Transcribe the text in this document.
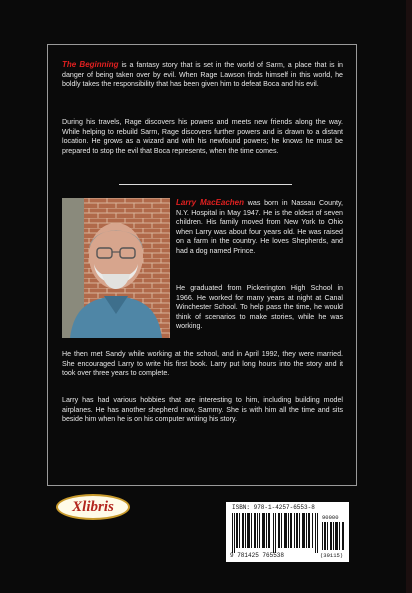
The Beginning is a fantasy story that is set in the world of Sarm, a place that is in danger of being taken over by evil. When Rage Lawson finds himself in this world, he boldly takes the responsibility that has been given him to defeat Boca and his evil.

During his travels, Rage discovers his powers and meets new friends along the way. While helping to rebuild Sarm, Rage discovers further powers and is drawn to a distant location. He grows as a wizard and with his newfound powers; he knows he must be prepared to stop the evil that Boca represents, when the time comes.

Larry MacEachen was born in Nassau County, N.Y. Hospital in May 1947. He is the oldest of seven children. His family moved from New York to Ohio when Larry was about four years old. He was raised on a farm in the country. He loves Shepherds, and had a dog named Prince.

He graduated from Pickerington High School in 1966. He worked for many years at night at Canal Winchester School. To help pass the time, he would think of scenarios to make stories, while he was working.

He then met Sandy while working at the school, and in April 1992, they were married. She encouraged Larry to write his first book. Larry put long hours into the story and it took over three years to complete.

Larry has had various hobbies that are interesting to him, including building model airplanes. He has another shepherd now, Sammy. She is with him all the time and sits beside him when he is on his computer writing his story.

Xlibris	ISBN: 978-1-4257-6553-8
90000
9 781425 765538	(39115)
